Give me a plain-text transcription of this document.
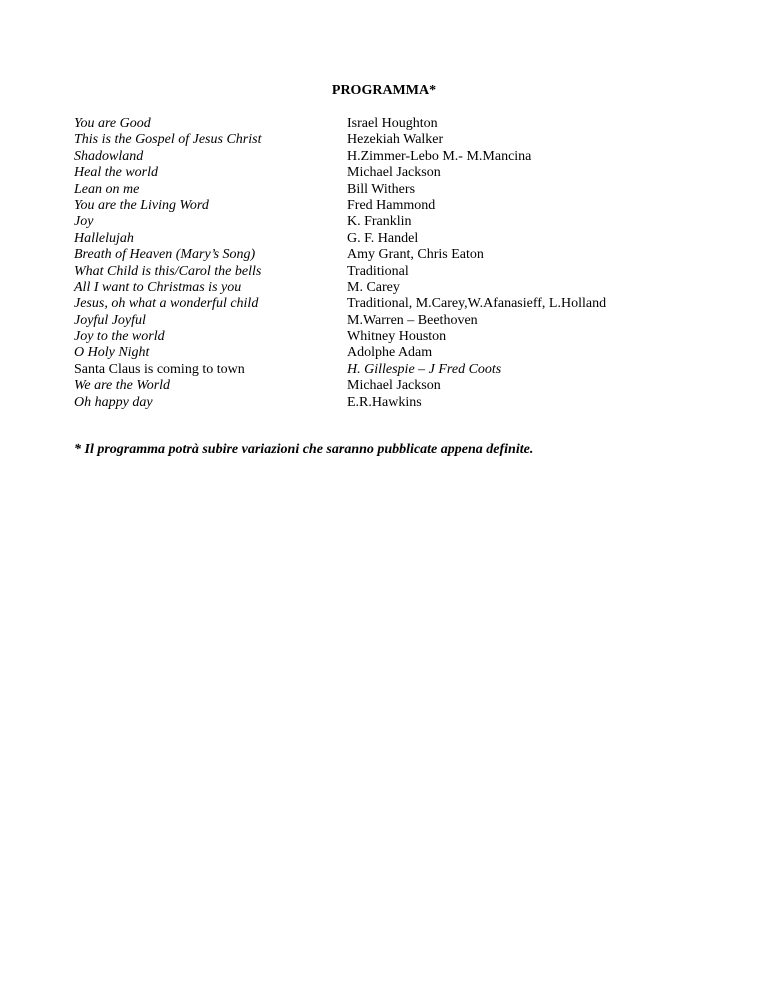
PROGRAMMA*
You are Good	Israel Houghton
This is the Gospel of Jesus Christ	Hezekiah Walker
Shadowland	H.Zimmer-Lebo M.- M.Mancina
Heal the world	Michael Jackson
Lean on me	Bill Withers
You are the Living Word	Fred Hammond
Joy	K. Franklin
Hallelujah	G. F. Handel
Breath of Heaven (Mary’s Song)	Amy Grant, Chris Eaton
What Child is this/Carol the bells	Traditional
All I want to Christmas is you	M. Carey
Jesus, oh what a wonderful child	Traditional, M.Carey,W.Afanasieff, L.Holland
Joyful Joyful	M.Warren – Beethoven
Joy to the world	Whitney Houston
O Holy Night	Adolphe Adam
Santa Claus is coming to town	H. Gillespie – J Fred Coots
We are the World	Michael Jackson
Oh happy day	E.R.Hawkins
* Il programma potrà subire variazioni che saranno pubblicate appena definite.
